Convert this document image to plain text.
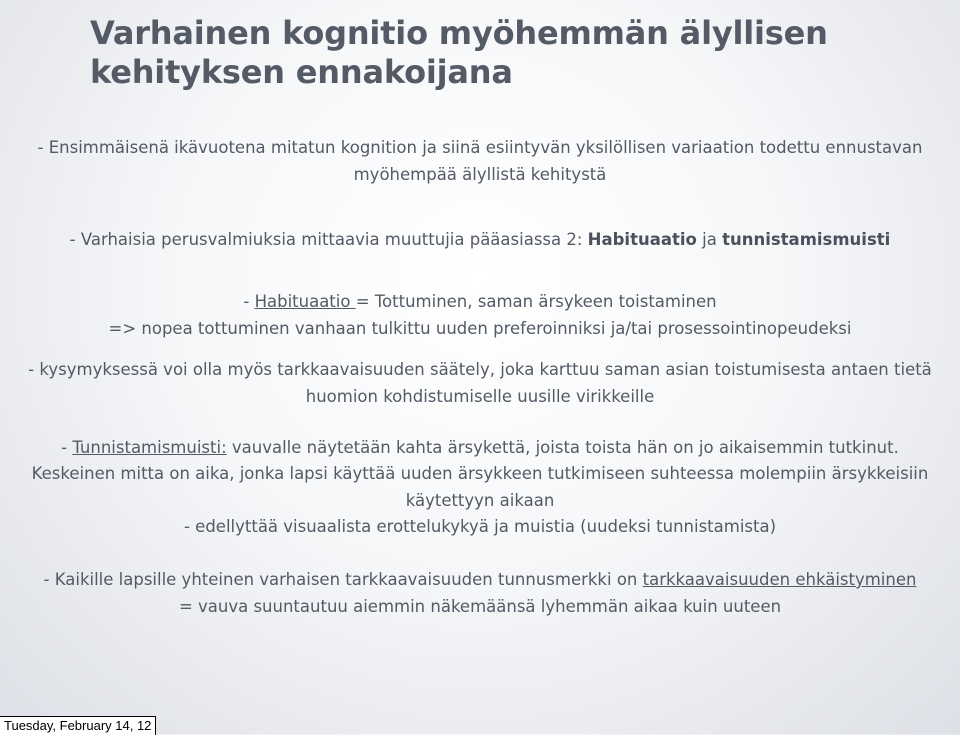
Varhainen kognitio myöhemmän älyllisen
kehityksen ennakoijana
- Ensimmäisenä ikävuotena mitatun kognition ja siinä esiintyvän yksilöllisen variaation todettu ennustavan
myöhempää älyllistä kehitystä
- Varhaisia perusvalmiuksia mittaavia muuttujia pääasiassa 2: Habituaatio ja tunnistamismuisti
- Habituaatio = Tottuminen, saman ärsykeen toistaminen
=> nopea tottuminen vanhaan tulkittu uuden preferoinniksi ja/tai prosessointinopeudeksi
- kysymyksessä voi olla myös tarkkaavaisuuden säätely, joka karttuu saman asian toistumisesta antaen tietä
huomion kohdistumiselle uusille virikkeille
- Tunnistamismuisti: vauvalle näytetään kahta ärsykettä, joista toista hän on jo aikaisemmin tutkinut.
Keskeinen mitta on aika, jonka lapsi käyttää uuden ärsykkeen tutkimiseen suhteessa molempiin ärsykkeisiin
käytettyyn aikaan
- edellyttää visuaalista erottelukykyä ja muistia (uudeksi tunnistamista)
- Kaikille lapsille yhteinen varhaisen tarkkaavaisuuden tunnusmerkki on tarkkaavaisuuden ehkäistyminen
= vauva suuntautuu aiemmin näkemäänsä lyhemmän aikaa kuin uuteen
Tuesday, February 14, 12
